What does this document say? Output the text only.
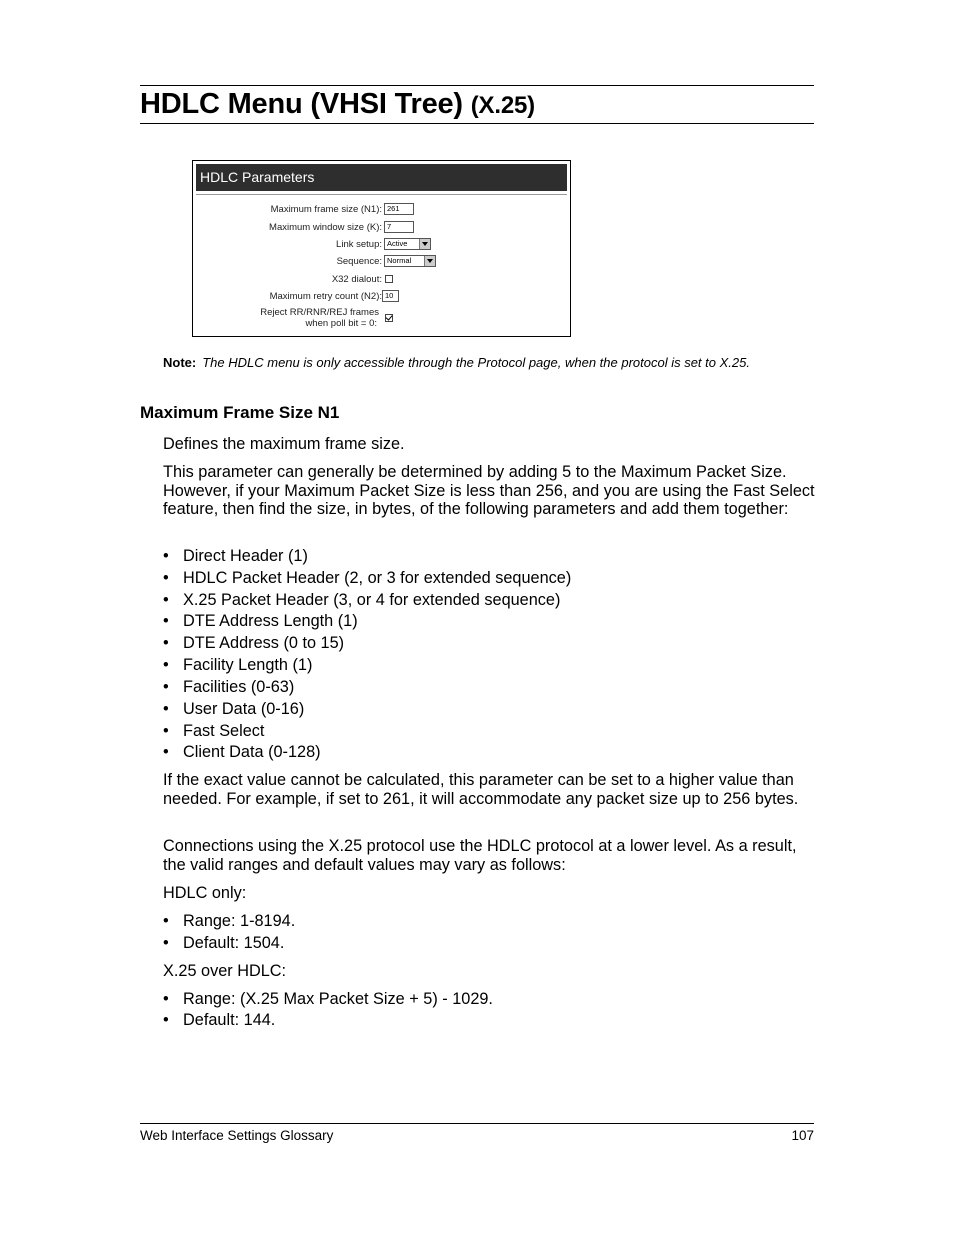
HDLC Menu (VHSI Tree) (X.25)
HDLC Parameters
Maximum frame size (N1): 261
Maximum window size (K): 7
Link setup: Active
Sequence: Normal
X32 dialout:
Maximum retry count (N2): 10
Reject RR/RNR/REJ frames
when poll bit = 0:
Note: The HDLC menu is only accessible through the Protocol page, when the protocol is set to X.25.
Maximum Frame Size N1
Defines the maximum frame size.
This parameter can generally be determined by adding 5 to the Maximum Packet Size. However, if your Maximum Packet Size is less than 256, and you are using the Fast Select feature, then find the size, in bytes, of the following parameters and add them together:
• Direct Header (1)
• HDLC Packet Header (2, or 3 for extended sequence)
• X.25 Packet Header (3, or 4 for extended sequence)
• DTE Address Length (1)
• DTE Address (0 to 15)
• Facility Length (1)
• Facilities (0-63)
• User Data (0-16)
• Fast Select
• Client Data (0-128)
If the exact value cannot be calculated, this parameter can be set to a higher value than needed. For example, if set to 261, it will accommodate any packet size up to 256 bytes.
Connections using the X.25 protocol use the HDLC protocol at a lower level. As a result, the valid ranges and default values may vary as follows:
HDLC only:
• Range: 1-8194.
• Default: 1504.
X.25 over HDLC:
• Range: (X.25 Max Packet Size + 5) - 1029.
• Default: 144.
Web Interface Settings Glossary	107
